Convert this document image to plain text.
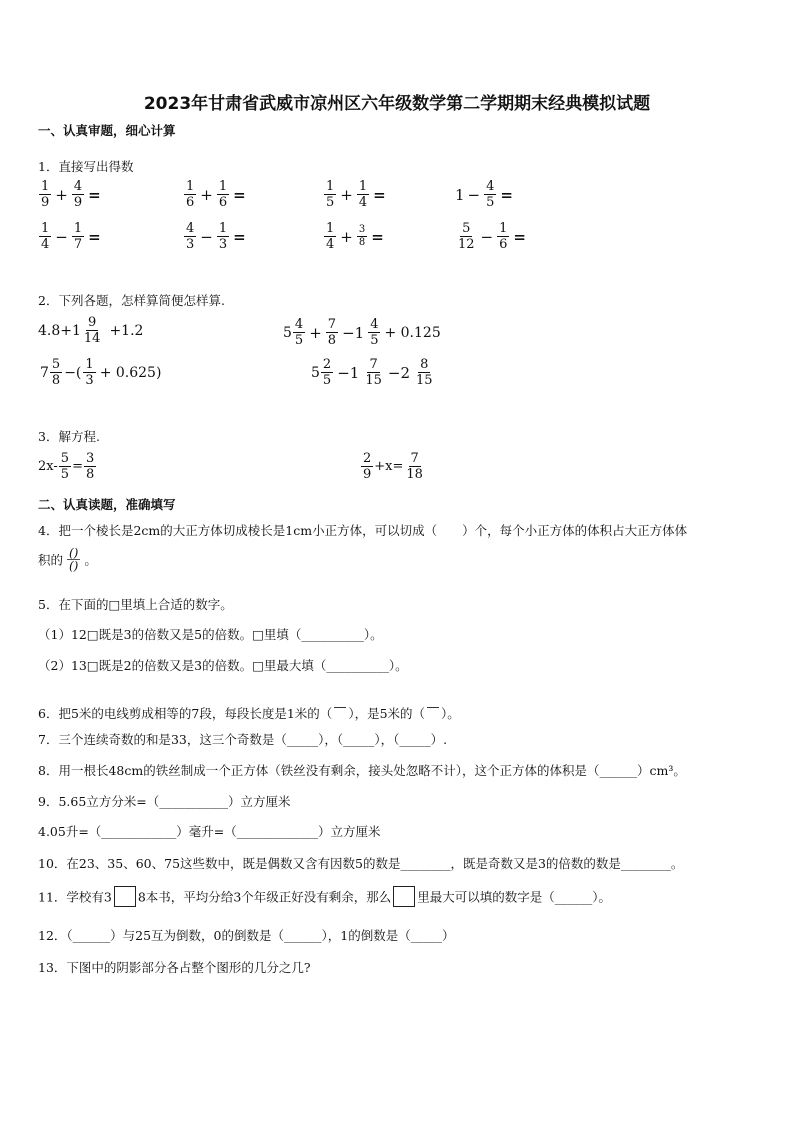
2023年甘肃省武威市凉州区六年级数学第二学期期末经典模拟试题
一、认真审题，细心计算
1．直接写出得数
$\frac{1}{9} + \frac{4}{9}$ =	$\frac{1}{6} + \frac{1}{6}$ =	$\frac{1}{5} + \frac{1}{4}$ =	$1 - \frac{4}{5}$ =
$\frac{1}{4} - \frac{1}{7}$ =	$\frac{4}{3} - \frac{1}{3}$ =	$\frac{1}{4} + \frac{3}{8}$ =	$\frac{5}{12} - \frac{1}{6}$ =
2．下列各题，怎样算简便怎样算.
$4.8+1 \frac{9}{14} +1.2$	$5 \frac{4}{5} + \frac{7}{8} -1 \frac{4}{5} + 0.125$
$7 \frac{5}{8}$ −( $\frac{1}{3} + 0.625$)	$5 \frac{2}{5} -1 \frac{7}{15} -2 \frac{8}{15}$
3．解方程.
$2x- \frac{5}{5} = \frac{3}{8}$	$\frac{2}{9} +x= \frac{7}{18}$
二、认真读题，准确填写
4．把一个棱长是2cm的大正方体切成棱长是1cm小正方体，可以切成（　　）个，每个小正方体的体积占大正方体体
积的 $\frac{()}{()}$ 。
5．在下面的□里填上合适的数字。
（1）12□既是3的倍数又是5的倍数。□里填（__________）。
（2）13□既是2的倍数又是3的倍数。□里最大填（__________）。
6．把5米的电线剪成相等的7段，每段长度是1米的（ ），是5米的（ ）。
7．三个连续奇数的和是33，这三个奇数是（_____），（_____），（_____）.
8．用一根长48cm的铁丝制成一个正方体（铁丝没有剩余，接头处忽略不计），这个正方体的体积是（______）cm³。
9．5.65立方分米=（___________）立方厘米
4.05升=（____________）毫升=（_____________）立方厘米
10．在23、35、60、75这些数中，既是偶数又含有因数5的数是________，既是奇数又是3的倍数的数是________。
11．学校有3 8本书，平均分给3个年级正好没有剩余，那么 里最大可以填的数字是（______）。
12．（______）与25互为倒数，0的倒数是（______），1的倒数是（_____）
13．下图中的阴影部分各占整个图形的几分之几?
